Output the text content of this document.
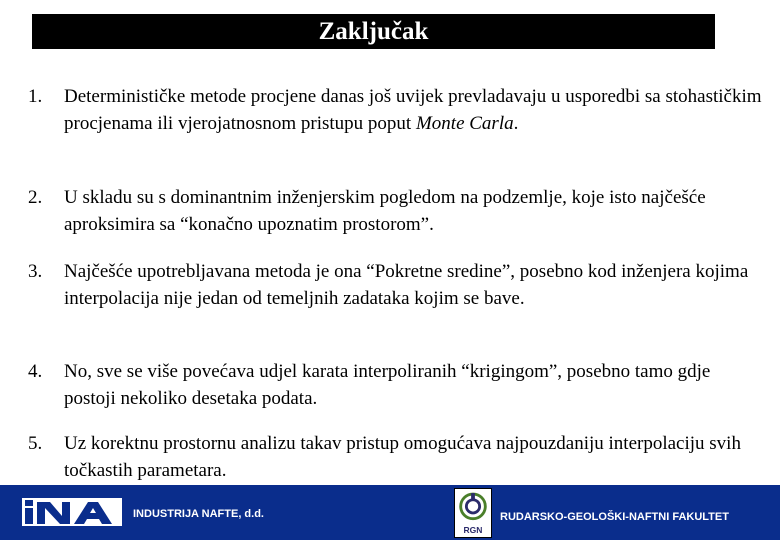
Zaključak
1.	Determinističke metode procjene danas još uvijek prevladavaju u usporedbi sa stohastičkim procjenama ili vjerojatnosnom pristupu poput Monte Carla.
2.	U skladu su s dominantnim inženjerskim pogledom na podzemlje, koje isto najčešće aproksimira sa “konačno upoznatim prostorom”.
3.	Najčešće upotrebljavana metoda je ona “Pokretne sredine”, posebno kod inženjera kojima interpolacija nije jedan od temeljnih zadataka kojim se bave.
4.	No, sve se više povećava udjel karata interpoliranih “krigingom”, posebno tamo gdje postoji nekoliko desetaka podata.
5.	Uz korektnu prostornu analizu takav pristup omogućava najpouzdaniju interpolaciju svih točkastih parametara.
INDUSTRIJA NAFTE, d.d.
RGN
RUDARSKO-GEOLOŠKI-NAFTNI FAKULTET
